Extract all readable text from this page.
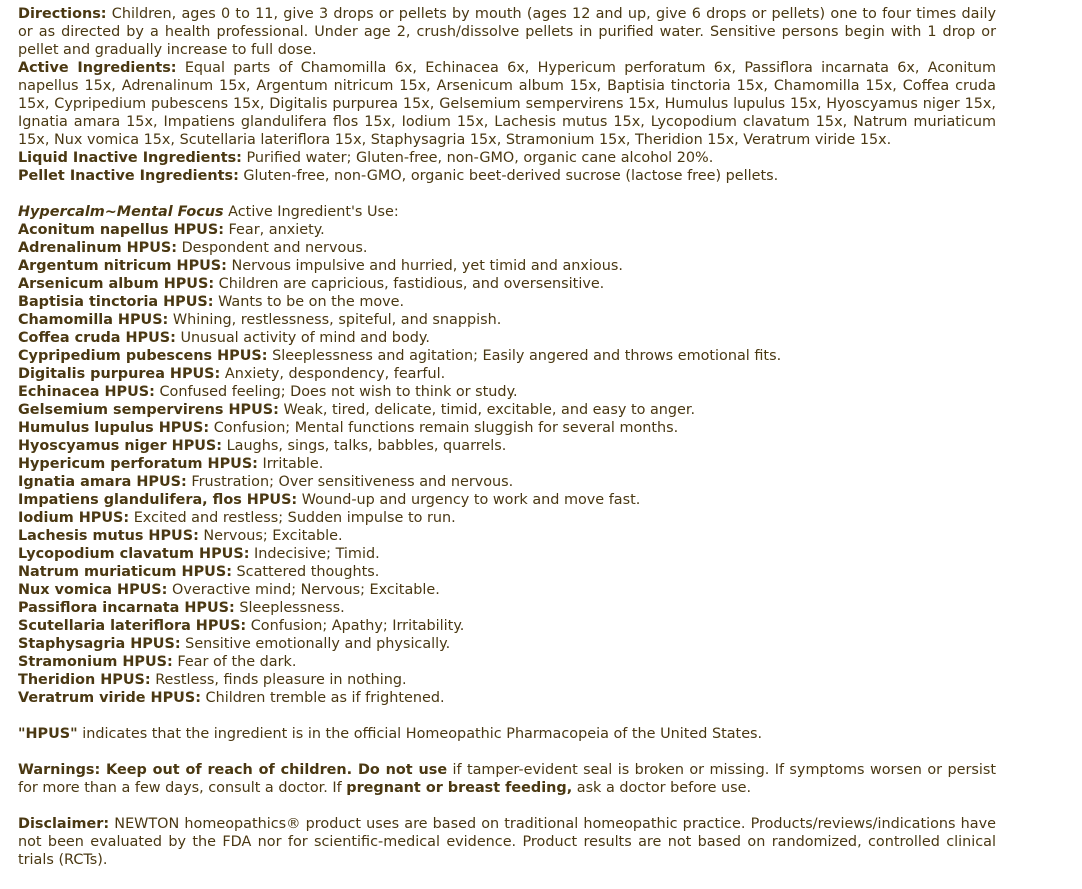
Directions: Children, ages 0 to 11, give 3 drops or pellets by mouth (ages 12 and up, give 6 drops or pellets) one to four times daily or as directed by a health professional. Under age 2, crush/dissolve pellets in purified water. Sensitive persons begin with 1 drop or pellet and gradually increase to full dose.

Active Ingredients: Equal parts of Chamomilla 6x, Echinacea 6x, Hypericum perforatum 6x, Passiflora incarnata 6x, Aconitum napellus 15x, Adrenalinum 15x, Argentum nitricum 15x, Arsenicum album 15x, Baptisia tinctoria 15x, Chamomilla 15x, Coffea cruda 15x, Cypripedium pubescens 15x, Digitalis purpurea 15x, Gelsemium sempervirens 15x, Humulus lupulus 15x, Hyoscyamus niger 15x, Ignatia amara 15x, Impatiens glandulifera flos 15x, Iodium 15x, Lachesis mutus 15x, Lycopodium clavatum 15x, Natrum muriaticum 15x, Nux vomica 15x, Scutellaria lateriflora 15x, Staphysagria 15x, Stramonium 15x, Theridion 15x, Veratrum viride 15x.

Liquid Inactive Ingredients: Purified water; Gluten-free, non-GMO, organic cane alcohol 20%.

Pellet Inactive Ingredients: Gluten-free, non-GMO, organic beet-derived sucrose (lactose free) pellets.

Hypercalm~Mental Focus Active Ingredient's Use:

Aconitum napellus HPUS: Fear, anxiety.

Adrenalinum HPUS: Despondent and nervous.

Argentum nitricum HPUS: Nervous impulsive and hurried, yet timid and anxious.

Arsenicum album HPUS: Children are capricious, fastidious, and oversensitive.

Baptisia tinctoria HPUS: Wants to be on the move.

Chamomilla HPUS: Whining, restlessness, spiteful, and snappish.

Coffea cruda HPUS: Unusual activity of mind and body.

Cypripedium pubescens HPUS: Sleeplessness and agitation; Easily angered and throws emotional fits.

Digitalis purpurea HPUS: Anxiety, despondency, fearful.

Echinacea HPUS: Confused feeling; Does not wish to think or study.

Gelsemium sempervirens HPUS: Weak, tired, delicate, timid, excitable, and easy to anger.

Humulus lupulus HPUS: Confusion; Mental functions remain sluggish for several months.

Hyoscyamus niger HPUS: Laughs, sings, talks, babbles, quarrels.

Hypericum perforatum HPUS: Irritable.

Ignatia amara HPUS: Frustration; Over sensitiveness and nervous.

Impatiens glandulifera, flos HPUS: Wound-up and urgency to work and move fast.

Iodium HPUS: Excited and restless; Sudden impulse to run.

Lachesis mutus HPUS: Nervous; Excitable.

Lycopodium clavatum HPUS: Indecisive; Timid.

Natrum muriaticum HPUS: Scattered thoughts.

Nux vomica HPUS: Overactive mind; Nervous; Excitable.

Passiflora incarnata HPUS: Sleeplessness.

Scutellaria lateriflora HPUS: Confusion; Apathy; Irritability.

Staphysagria HPUS: Sensitive emotionally and physically.

Stramonium HPUS: Fear of the dark.

Theridion HPUS: Restless, finds pleasure in nothing.

Veratrum viride HPUS: Children tremble as if frightened.

"HPUS" indicates that the ingredient is in the official Homeopathic Pharmacopeia of the United States.

Warnings: Keep out of reach of children. Do not use if tamper-evident seal is broken or missing. If symptoms worsen or persist for more than a few days, consult a doctor. If pregnant or breast feeding, ask a doctor before use.

Disclaimer: NEWTON homeopathics® product uses are based on traditional homeopathic practice. Products/reviews/indications have not been evaluated by the FDA nor for scientific-medical evidence. Product results are not based on randomized, controlled clinical trials (RCTs).
